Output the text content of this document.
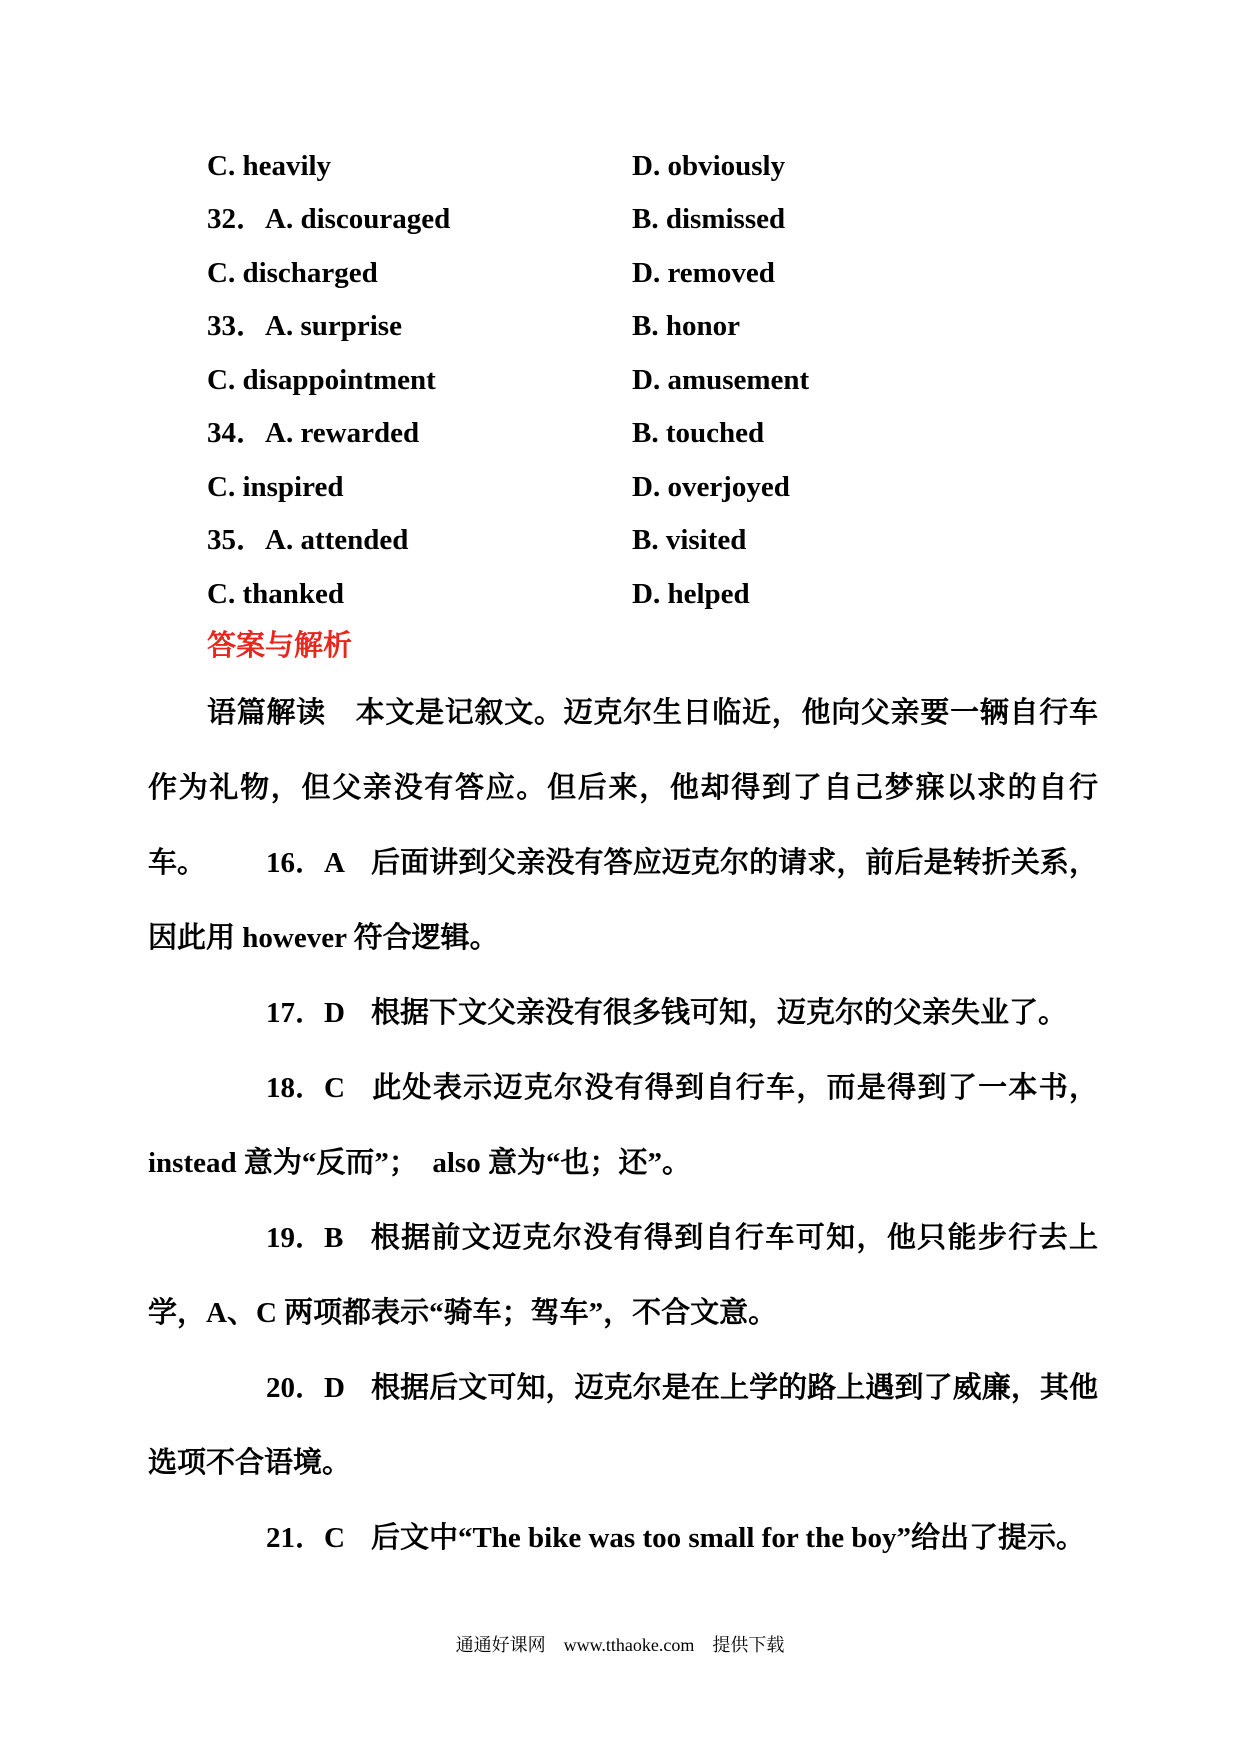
C. heavily	D. obviously
32．A. discouraged	B. dismissed
C. discharged	D. removed
33．A. surprise	B. honor
C. disappointment	D. amusement
34．A. rewarded	B. touched
C. inspired	D. overjoyed
35．A. attended	B. visited
C. thanked	D. helped
答案与解析
语篇解读　本文是记叙文。迈克尔生日临近，他向父亲要一辆自行车作为礼物，但父亲没有答应。但后来，他却得到了自己梦寐以求的自行车。	16．A 后面讲到父亲没有答应迈克尔的请求，前后是转折关系，因此用 however 符合逻辑。
17．D 根据下文父亲没有很多钱可知，迈克尔的父亲失业了。
18．C 此处表示迈克尔没有得到自行车，而是得到了一本书，instead 意为“反而”；　also 意为“也；还”。
19．B 根据前文迈克尔没有得到自行车可知，他只能步行去上学，A、C 两项都表示“骑车；驾车”，不合文意。
20．D 根据后文可知，迈克尔是在上学的路上遇到了威廉，其他选项不合语境。
21．C 后文中“The bike was too small for the boy”给出了提示。
通通好课网　www.tthaoke.com　提供下载
